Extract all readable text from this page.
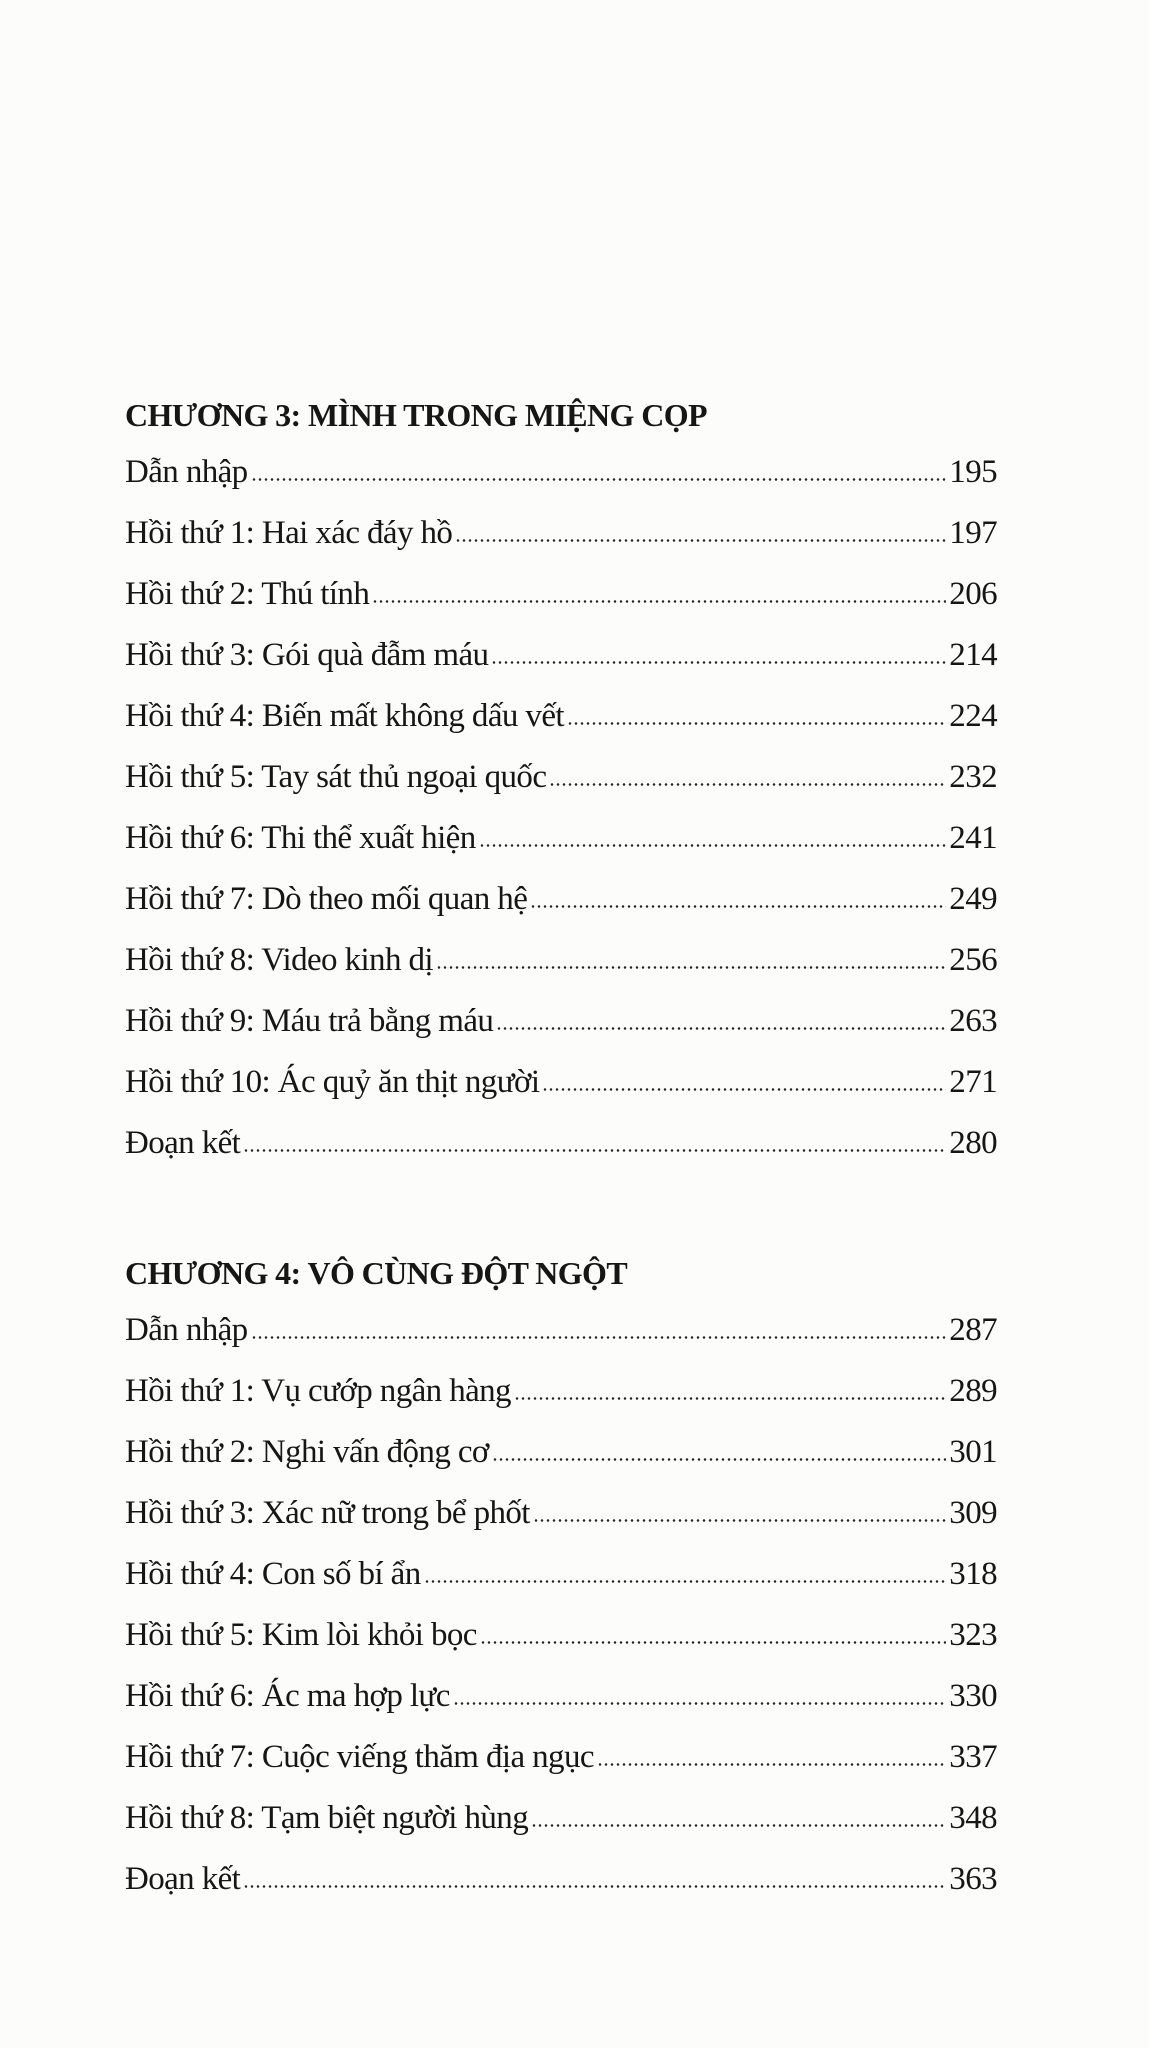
CHƯƠNG 3: MÌNH TRONG MIỆNG CỌP
Dẫn nhập	195
Hồi thứ 1: Hai xác đáy hồ	197
Hồi thứ 2: Thú tính	206
Hồi thứ 3: Gói quà đẫm máu	214
Hồi thứ 4: Biến mất không dấu vết	224
Hồi thứ 5: Tay sát thủ ngoại quốc	232
Hồi thứ 6: Thi thể xuất hiện	241
Hồi thứ 7: Dò theo mối quan hệ	249
Hồi thứ 8: Video kinh dị	256
Hồi thứ 9: Máu trả bằng máu	263
Hồi thứ 10: Ác quỷ ăn thịt người	271
Đoạn kết	280
CHƯƠNG 4: VÔ CÙNG ĐỘT NGỘT
Dẫn nhập	287
Hồi thứ 1: Vụ cướp ngân hàng	289
Hồi thứ 2: Nghi vấn động cơ	301
Hồi thứ 3: Xác nữ trong bể phốt	309
Hồi thứ 4: Con số bí ẩn	318
Hồi thứ 5: Kim lòi khỏi bọc	323
Hồi thứ 6: Ác ma hợp lực	330
Hồi thứ 7: Cuộc viếng thăm địa ngục	337
Hồi thứ 8: Tạm biệt người hùng	348
Đoạn kết	363
